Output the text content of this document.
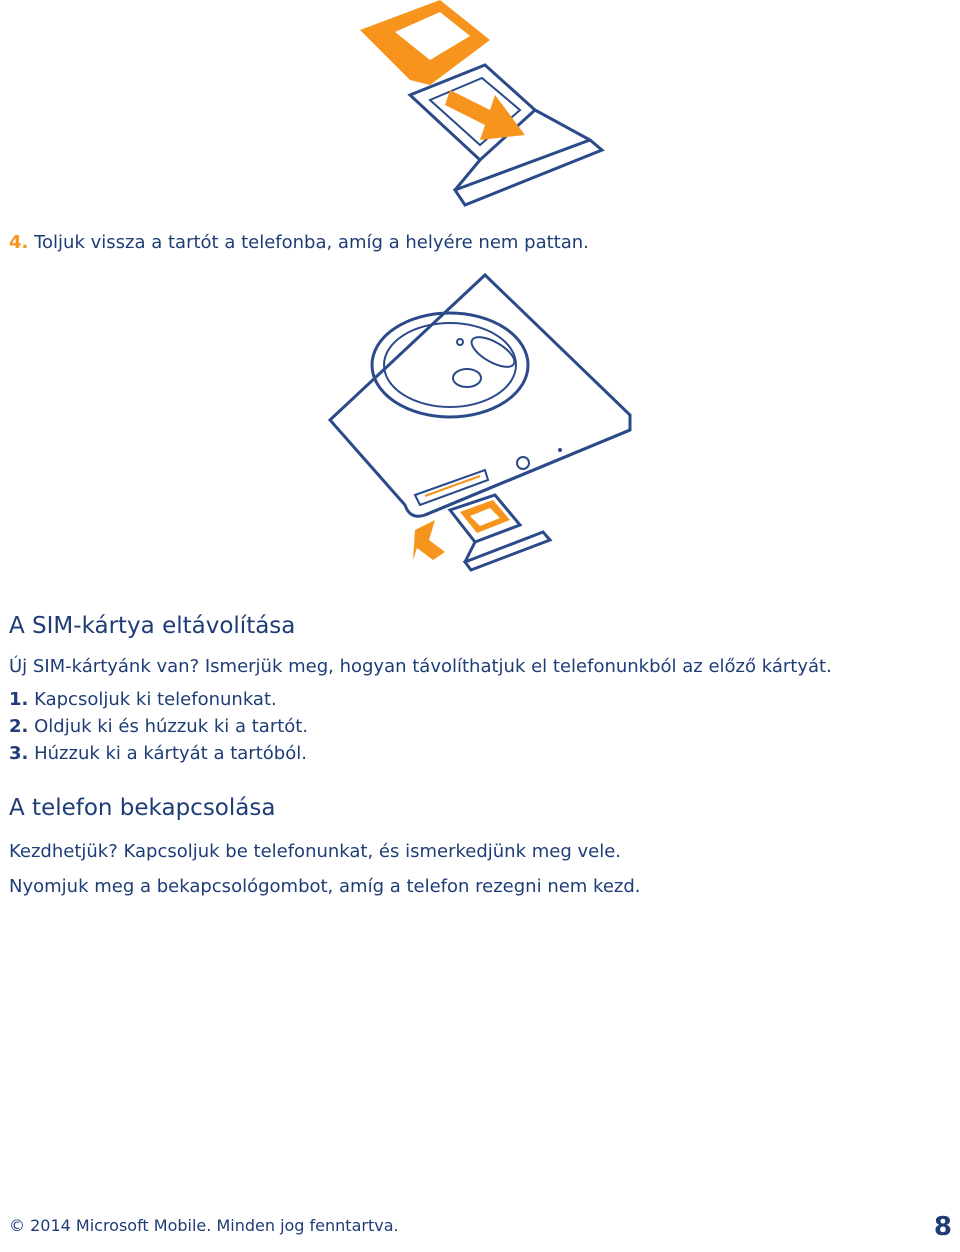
4. Toljuk vissza a tartót a telefonba, amíg a helyére nem pattan.
A SIM-kártya eltávolítása
Új SIM-kártyánk van? Ismerjük meg, hogyan távolíthatjuk el telefonunkból az előző kártyát.
1. Kapcsoljuk ki telefonunkat.
2. Oldjuk ki és húzzuk ki a tartót.
3. Húzzuk ki a kártyát a tartóból.
A telefon bekapcsolása
Kezdhetjük? Kapcsoljuk be telefonunkat, és ismerkedjünk meg vele.
Nyomjuk meg a bekapcsológombot, amíg a telefon rezegni nem kezd.
© 2014 Microsoft Mobile. Minden jog fenntartva.	8
